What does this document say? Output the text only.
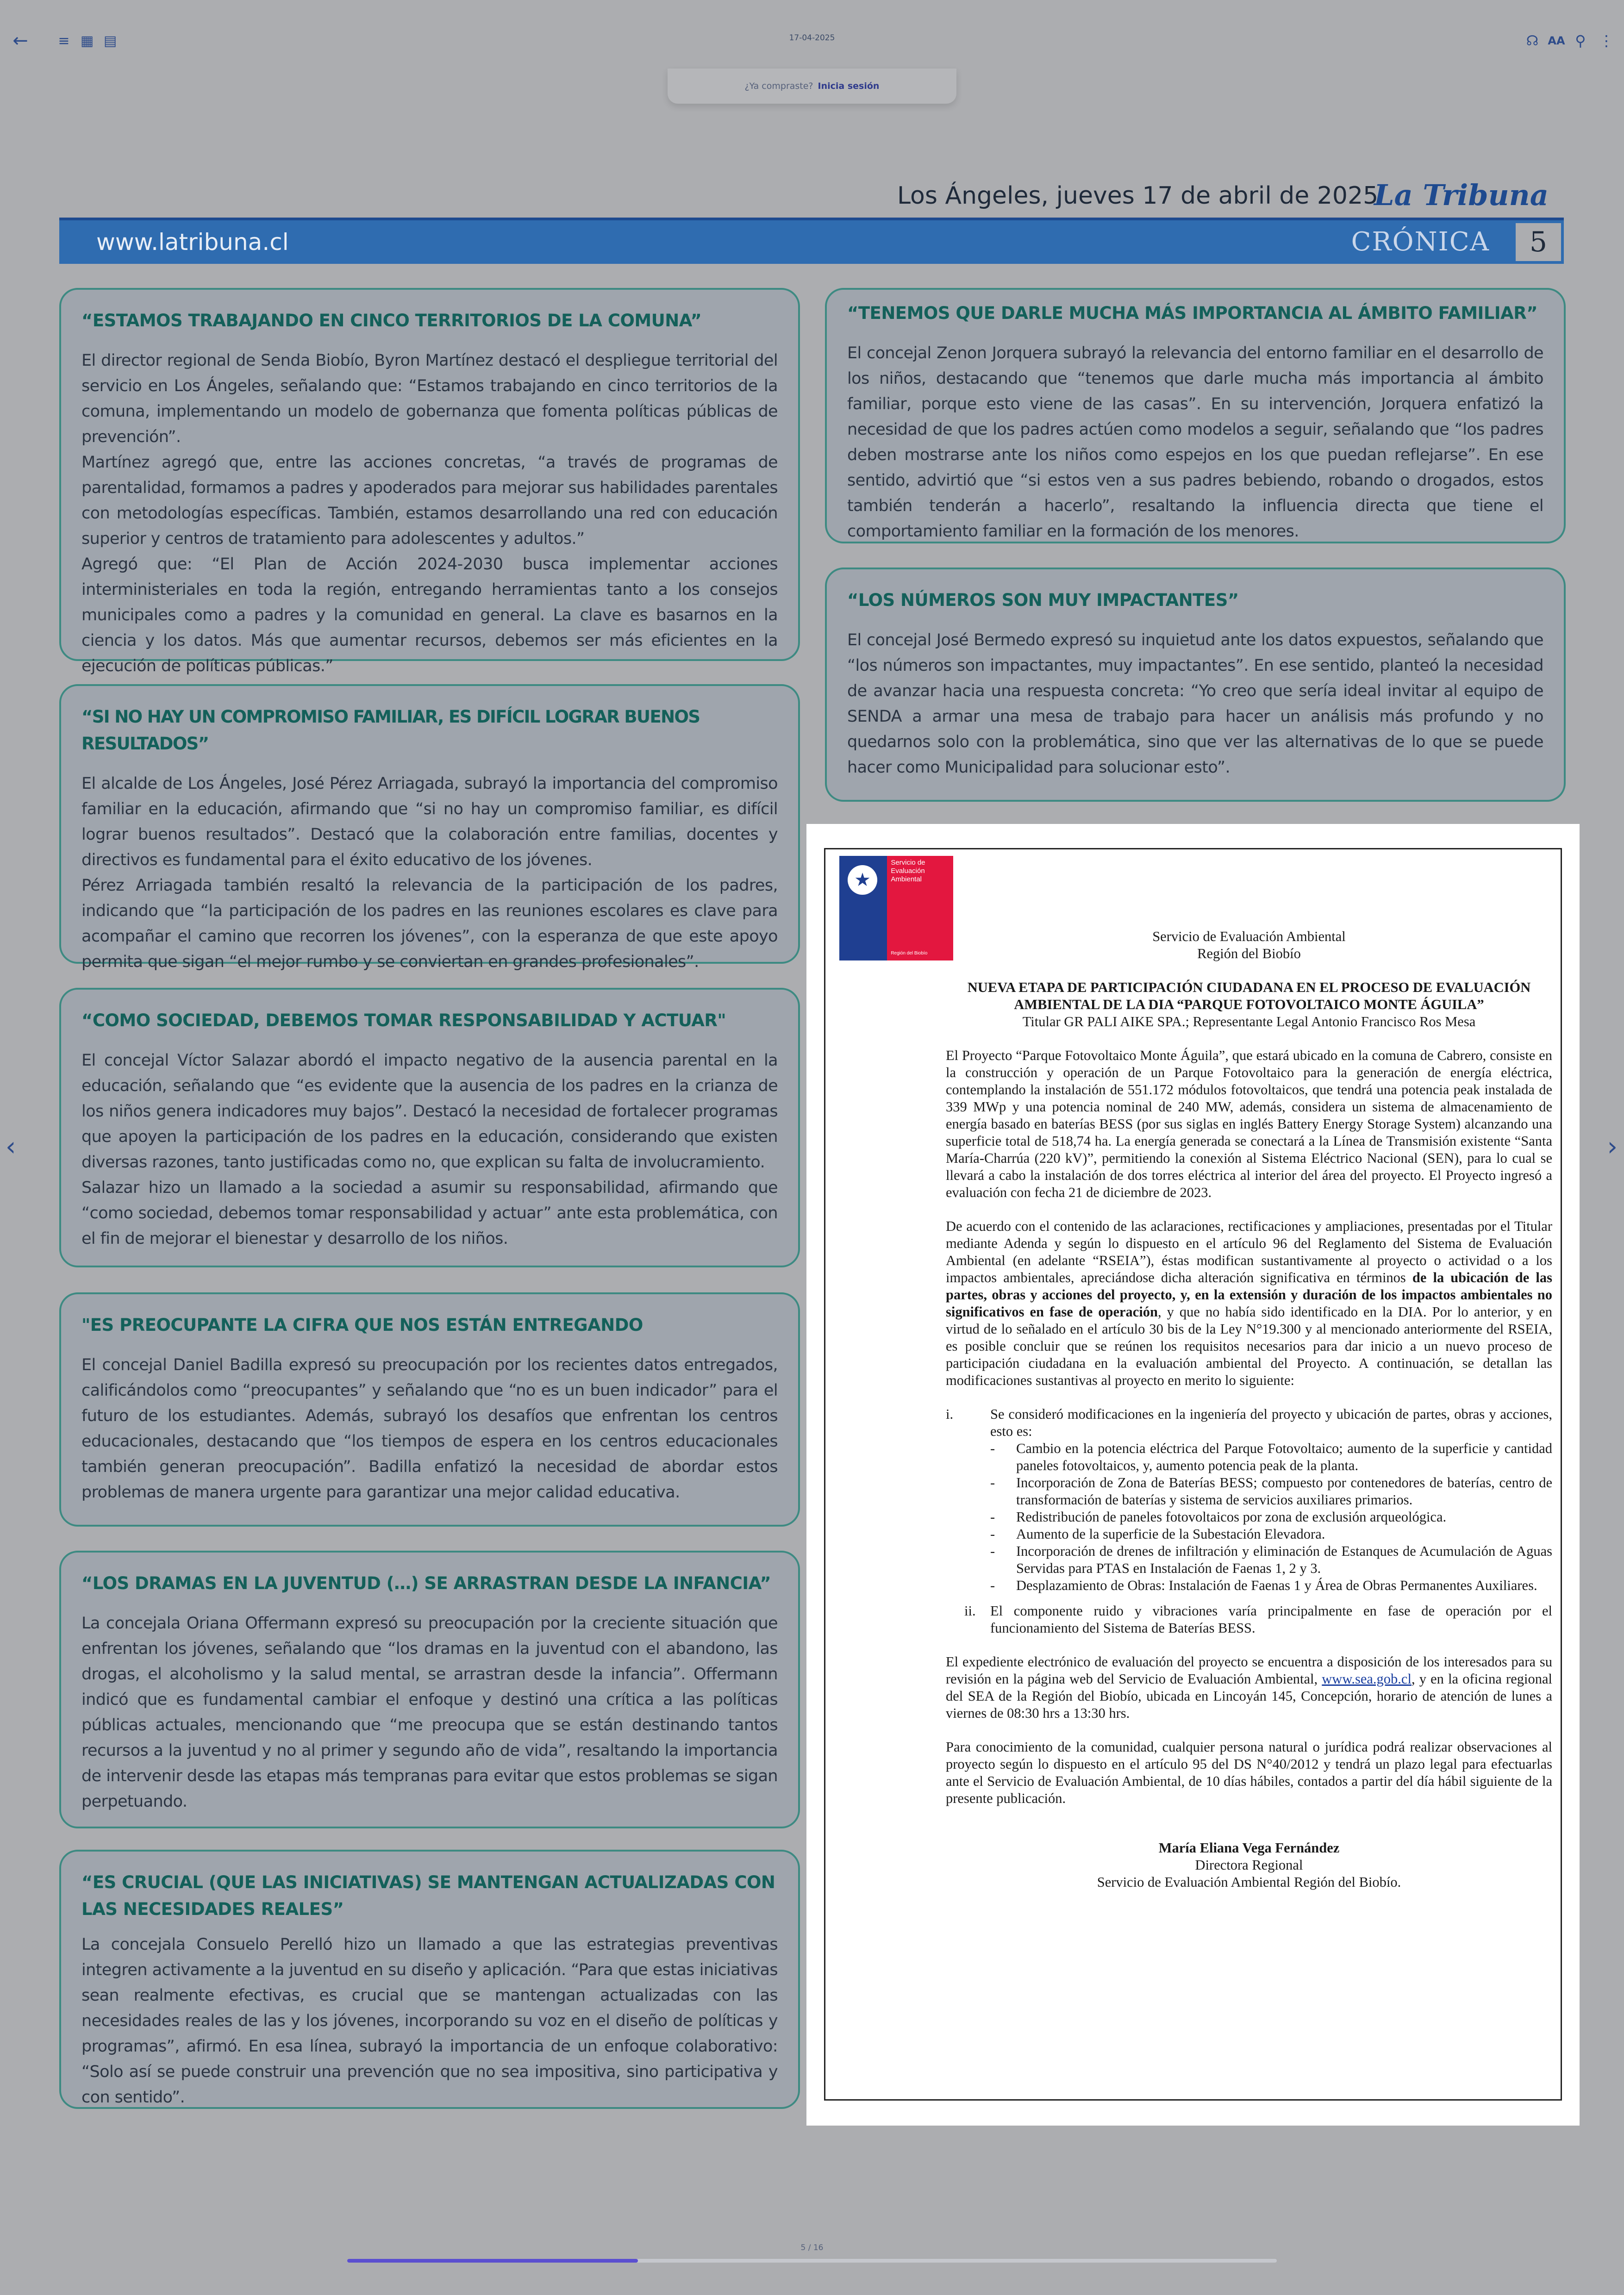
←	≡ ▦ ▤	17-04-2025	☊ AA ⚲ ⋮
¿Ya compraste? Inicia sesión
Los Ángeles, jueves 17 de abril de 2025
La Tribuna
www.latribuna.cl	CRÓNICA	5
“ESTAMOS TRABAJANDO EN CINCO TERRITORIOS DE LA COMUNA”

El director regional de Senda Biobío, Byron Martínez destacó el despliegue territorial del servicio en Los Ángeles, señalando que: “Estamos trabajando en cinco territorios de la comuna, implementando un modelo de gobernanza que fomenta políticas públicas de prevención”.

Martínez agregó que, entre las acciones concretas, “a través de programas de parentalidad, formamos a padres y apoderados para mejorar sus habilidades parentales con metodologías específicas. También, estamos desarrollando una red con educación superior y centros de tratamiento para adolescentes y adultos.”

Agregó que: “El Plan de Acción 2024-2030 busca implementar acciones interministeriales en toda la región, entregando herramientas tanto a los consejos municipales como a padres y la comunidad en general. La clave es basarnos en la ciencia y los datos. Más que aumentar recursos, debemos ser más eficientes en la ejecución de políticas públicas.”

“SI NO HAY UN COMPROMISO FAMILIAR, ES DIFÍCIL LOGRAR BUENOS RESULTADOS”

El alcalde de Los Ángeles, José Pérez Arriagada, subrayó la importancia del compromiso familiar en la educación, afirmando que “si no hay un compromiso familiar, es difícil lograr buenos resultados”. Destacó que la colaboración entre familias, docentes y directivos es fundamental para el éxito educativo de los jóvenes.

Pérez Arriagada también resaltó la relevancia de la participación de los padres, indicando que “la participación de los padres en las reuniones escolares es clave para acompañar el camino que recorren los jóvenes”, con la esperanza de que este apoyo permita que sigan “el mejor rumbo y se conviertan en grandes profesionales”.

“COMO SOCIEDAD, DEBEMOS TOMAR RESPONSABILIDAD Y ACTUAR"

El concejal Víctor Salazar abordó el impacto negativo de la ausencia parental en la educación, señalando que “es evidente que la ausencia de los padres en la crianza de los niños genera indicadores muy bajos”. Destacó la necesidad de fortalecer programas que apoyen la participación de los padres en la educación, considerando que existen diversas razones, tanto justificadas como no, que explican su falta de involucramiento.

Salazar hizo un llamado a la sociedad a asumir su responsabilidad, afirmando que “como sociedad, debemos tomar responsabilidad y actuar” ante esta problemática, con el fin de mejorar el bienestar y desarrollo de los niños.

"ES PREOCUPANTE LA CIFRA QUE NOS ESTÁN ENTREGANDO

El concejal Daniel Badilla expresó su preocupación por los recientes datos entregados, calificándolos como “preocupantes” y señalando que “no es un buen indicador” para el futuro de los estudiantes. Además, subrayó los desafíos que enfrentan los centros educacionales, destacando que “los tiempos de espera en los centros educacionales también generan preocupación”. Badilla enfatizó la necesidad de abordar estos problemas de manera urgente para garantizar una mejor calidad educativa.

“LOS DRAMAS EN LA JUVENTUD (…) SE ARRASTRAN DESDE LA INFANCIA”

La concejala Oriana Offermann expresó su preocupación por la creciente situación que enfrentan los jóvenes, señalando que “los dramas en la juventud con el abandono, las drogas, el alcoholismo y la salud mental, se arrastran desde la infancia”. Offermann indicó que es fundamental cambiar el enfoque y destinó una crítica a las políticas públicas actuales, mencionando que “me preocupa que se están destinando tantos recursos a la juventud y no al primer y segundo año de vida”, resaltando la importancia de intervenir desde las etapas más tempranas para evitar que estos problemas se sigan perpetuando.

“ES CRUCIAL (QUE LAS INICIATIVAS) SE MANTENGAN ACTUALIZADAS CON LAS NECESIDADES REALES”

La concejala Consuelo Perelló hizo un llamado a que las estrategias preventivas integren activamente a la juventud en su diseño y aplicación. “Para que estas iniciativas sean realmente efectivas, es crucial que se mantengan actualizadas con las necesidades reales de las y los jóvenes, incorporando su voz en el diseño de políticas y programas”, afirmó. En esa línea, subrayó la importancia de un enfoque colaborativo: “Solo así se puede construir una prevención que no sea impositiva, sino participativa y con sentido”.

“TENEMOS QUE DARLE MUCHA MÁS IMPORTANCIA AL ÁMBITO FAMILIAR”

El concejal Zenon Jorquera subrayó la relevancia del entorno familiar en el desarrollo de los niños, destacando que “tenemos que darle mucha más importancia al ámbito familiar, porque esto viene de las casas”. En su intervención, Jorquera enfatizó la necesidad de que los padres actúen como modelos a seguir, señalando que “los padres deben mostrarse ante los niños como espejos en los que puedan reflejarse”. En ese sentido, advirtió que “si estos ven a sus padres bebiendo, robando o drogados, estos también tenderán a hacerlo”, resaltando la influencia directa que tiene el comportamiento familiar en la formación de los menores.

“LOS NÚMEROS SON MUY IMPACTANTES”

El concejal José Bermedo expresó su inquietud ante los datos expuestos, señalando que “los números son impactantes, muy impactantes”. En ese sentido, planteó la necesidad de avanzar hacia una respuesta concreta: “Yo creo que sería ideal invitar al equipo de SENDA a armar una mesa de trabajo para hacer un análisis más profundo y no quedarnos solo con la problemática, sino que ver las alternativas de lo que se puede hacer como Municipalidad para solucionar esto”.

★
Servicio de Evaluación Ambiental
Región del Biobío
Servicio de Evaluación Ambiental
Región del Biobío
NUEVA ETAPA DE PARTICIPACIÓN CIUDADANA EN EL PROCESO DE EVALUACIÓN AMBIENTAL DE LA DIA “PARQUE FOTOVOLTAICO MONTE ÁGUILA”
Titular GR PALI AIKE SPA.; Representante Legal Antonio Francisco Ros Mesa
El Proyecto “Parque Fotovoltaico Monte Águila”, que estará ubicado en la comuna de Cabrero, consiste en la construcción y operación de un Parque Fotovoltaico para la generación de energía eléctrica, contemplando la instalación de 551.172 módulos fotovoltaicos, que tendrá una potencia peak instalada de 339 MWp y una potencia nominal de 240 MW, además, considera un sistema de almacenamiento de energía basado en baterías BESS (por sus siglas en inglés Battery Energy Storage System) alcanzando una superficie total de 518,74 ha. La energía generada se conectará a la Línea de Transmisión existente “Santa María-Charrúa (220 kV)”, permitiendo la conexión al Sistema Eléctrico Nacional (SEN), para lo cual se llevará a cabo la instalación de dos torres eléctrica al interior del área del proyecto. El Proyecto ingresó a evaluación con fecha 21 de diciembre de 2023.
De acuerdo con el contenido de las aclaraciones, rectificaciones y ampliaciones, presentadas por el Titular mediante Adenda y según lo dispuesto en el artículo 96 del Reglamento del Sistema de Evaluación Ambiental (en adelante “RSEIA”), éstas modifican sustantivamente al proyecto o actividad o a los impactos ambientales, apreciándose dicha alteración significativa en términos de la ubicación de las partes, obras y acciones del proyecto, y, en la extensión y duración de los impactos ambientales no significativos en fase de operación, y que no había sido identificado en la DIA. Por lo anterior, y en virtud de lo señalado en el artículo 30 bis de la Ley N°19.300 y al mencionado anteriormente del RSEIA, es posible concluir que se reúnen los requisitos necesarios para dar inicio a un nuevo proceso de participación ciudadana en la evaluación ambiental del Proyecto. A continuación, se detallan las modificaciones sustantivas al proyecto en merito lo siguiente:
i.	Se consideró modificaciones en la ingeniería del proyecto y ubicación de partes, obras y acciones, esto es:
-	Cambio en la potencia eléctrica del Parque Fotovoltaico; aumento de la superficie y cantidad paneles fotovoltaicos, y, aumento potencia peak de la planta.
-	Incorporación de Zona de Baterías BESS; compuesto por contenedores de baterías, centro de transformación de baterías y sistema de servicios auxiliares primarios.
-	Redistribución de paneles fotovoltaicos por zona de exclusión arqueológica.
-	Aumento de la superficie de la Subestación Elevadora.
-	Incorporación de drenes de infiltración y eliminación de Estanques de Acumulación de Aguas Servidas para PTAS en Instalación de Faenas 1, 2 y 3.
-	Desplazamiento de Obras: Instalación de Faenas 1 y Área de Obras Permanentes Auxiliares.
ii.	El componente ruido y vibraciones varía principalmente en fase de operación por el funcionamiento del Sistema de Baterías BESS.
El expediente electrónico de evaluación del proyecto se encuentra a disposición de los interesados para su revisión en la página web del Servicio de Evaluación Ambiental, www.sea.gob.cl, y en la oficina regional del SEA de la Región del Biobío, ubicada en Lincoyán 145, Concepción, horario de atención de lunes a viernes de 08:30 hrs a 13:30 hrs.
Para conocimiento de la comunidad, cualquier persona natural o jurídica podrá realizar observaciones al proyecto según lo dispuesto en el artículo 95 del DS N°40/2012 y tendrá un plazo legal para efectuarlas ante el Servicio de Evaluación Ambiental, de 10 días hábiles, contados a partir del día hábil siguiente de la presente publicación.
María Eliana Vega Fernández
Directora Regional
Servicio de Evaluación Ambiental Región del Biobío.
‹	›
5 / 16
